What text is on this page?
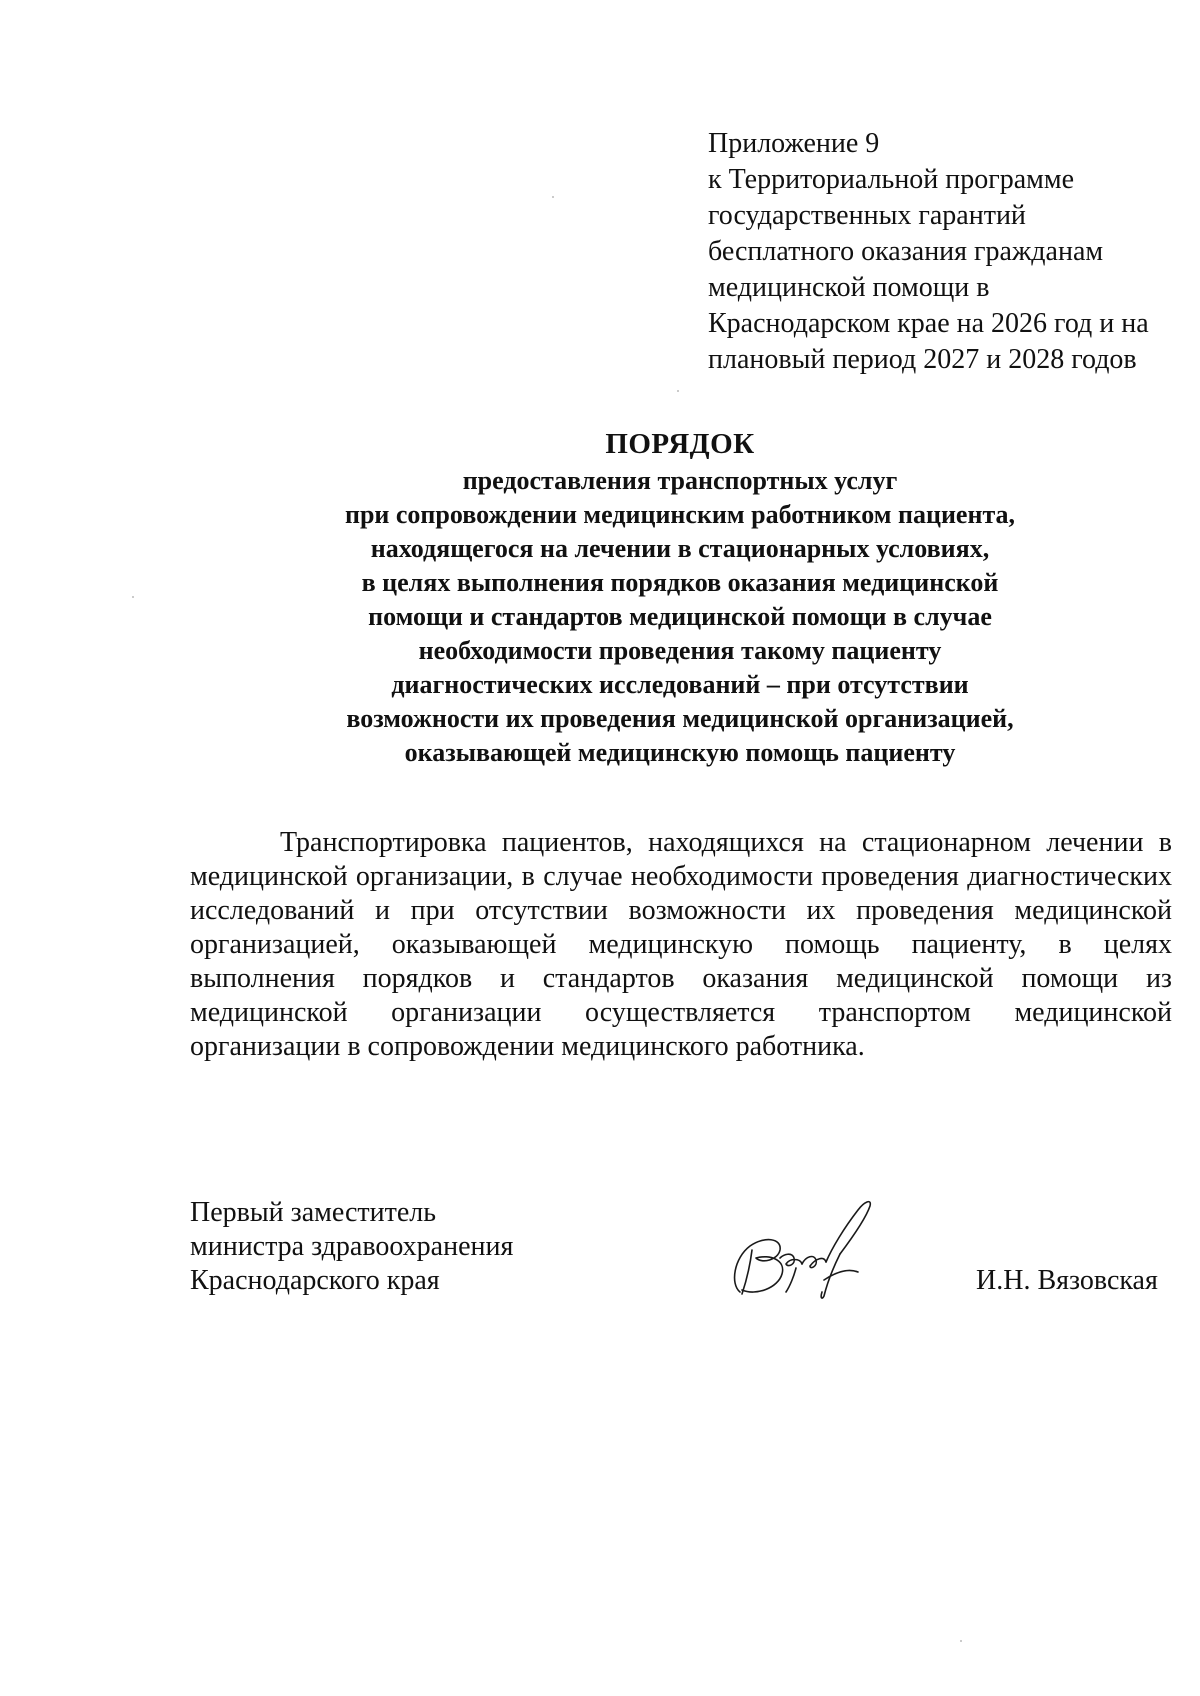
Приложение 9
к Территориальной программе
государственных гарантий
бесплатного оказания гражданам
медицинской помощи в
Краснодарском крае на 2026 год и на
плановый период 2027 и 2028 годов
ПОРЯДОК
предоставления транспортных услуг
при сопровождении медицинским работником пациента,
находящегося на лечении в стационарных условиях,
в целях выполнения порядков оказания медицинской
помощи и стандартов медицинской помощи в случае
необходимости проведения такому пациенту
диагностических исследований – при отсутствии
возможности их проведения медицинской организацией,
оказывающей медицинскую помощь пациенту

Транспортировка пациентов, находящихся на стационарном лечении в медицинской организации, в случае необходимости проведения диагностических исследований и при отсутствии возможности их проведения медицинской организацией, оказывающей медицинскую помощь пациенту, в целях выполнения порядков и стандартов оказания медицинской помощи из медицинской организации осуществляется транспортом медицинской организации в сопровождении медицинского работника.

Первый заместитель
министра здравоохранения
Краснодарского края	И.Н. Вязовская
